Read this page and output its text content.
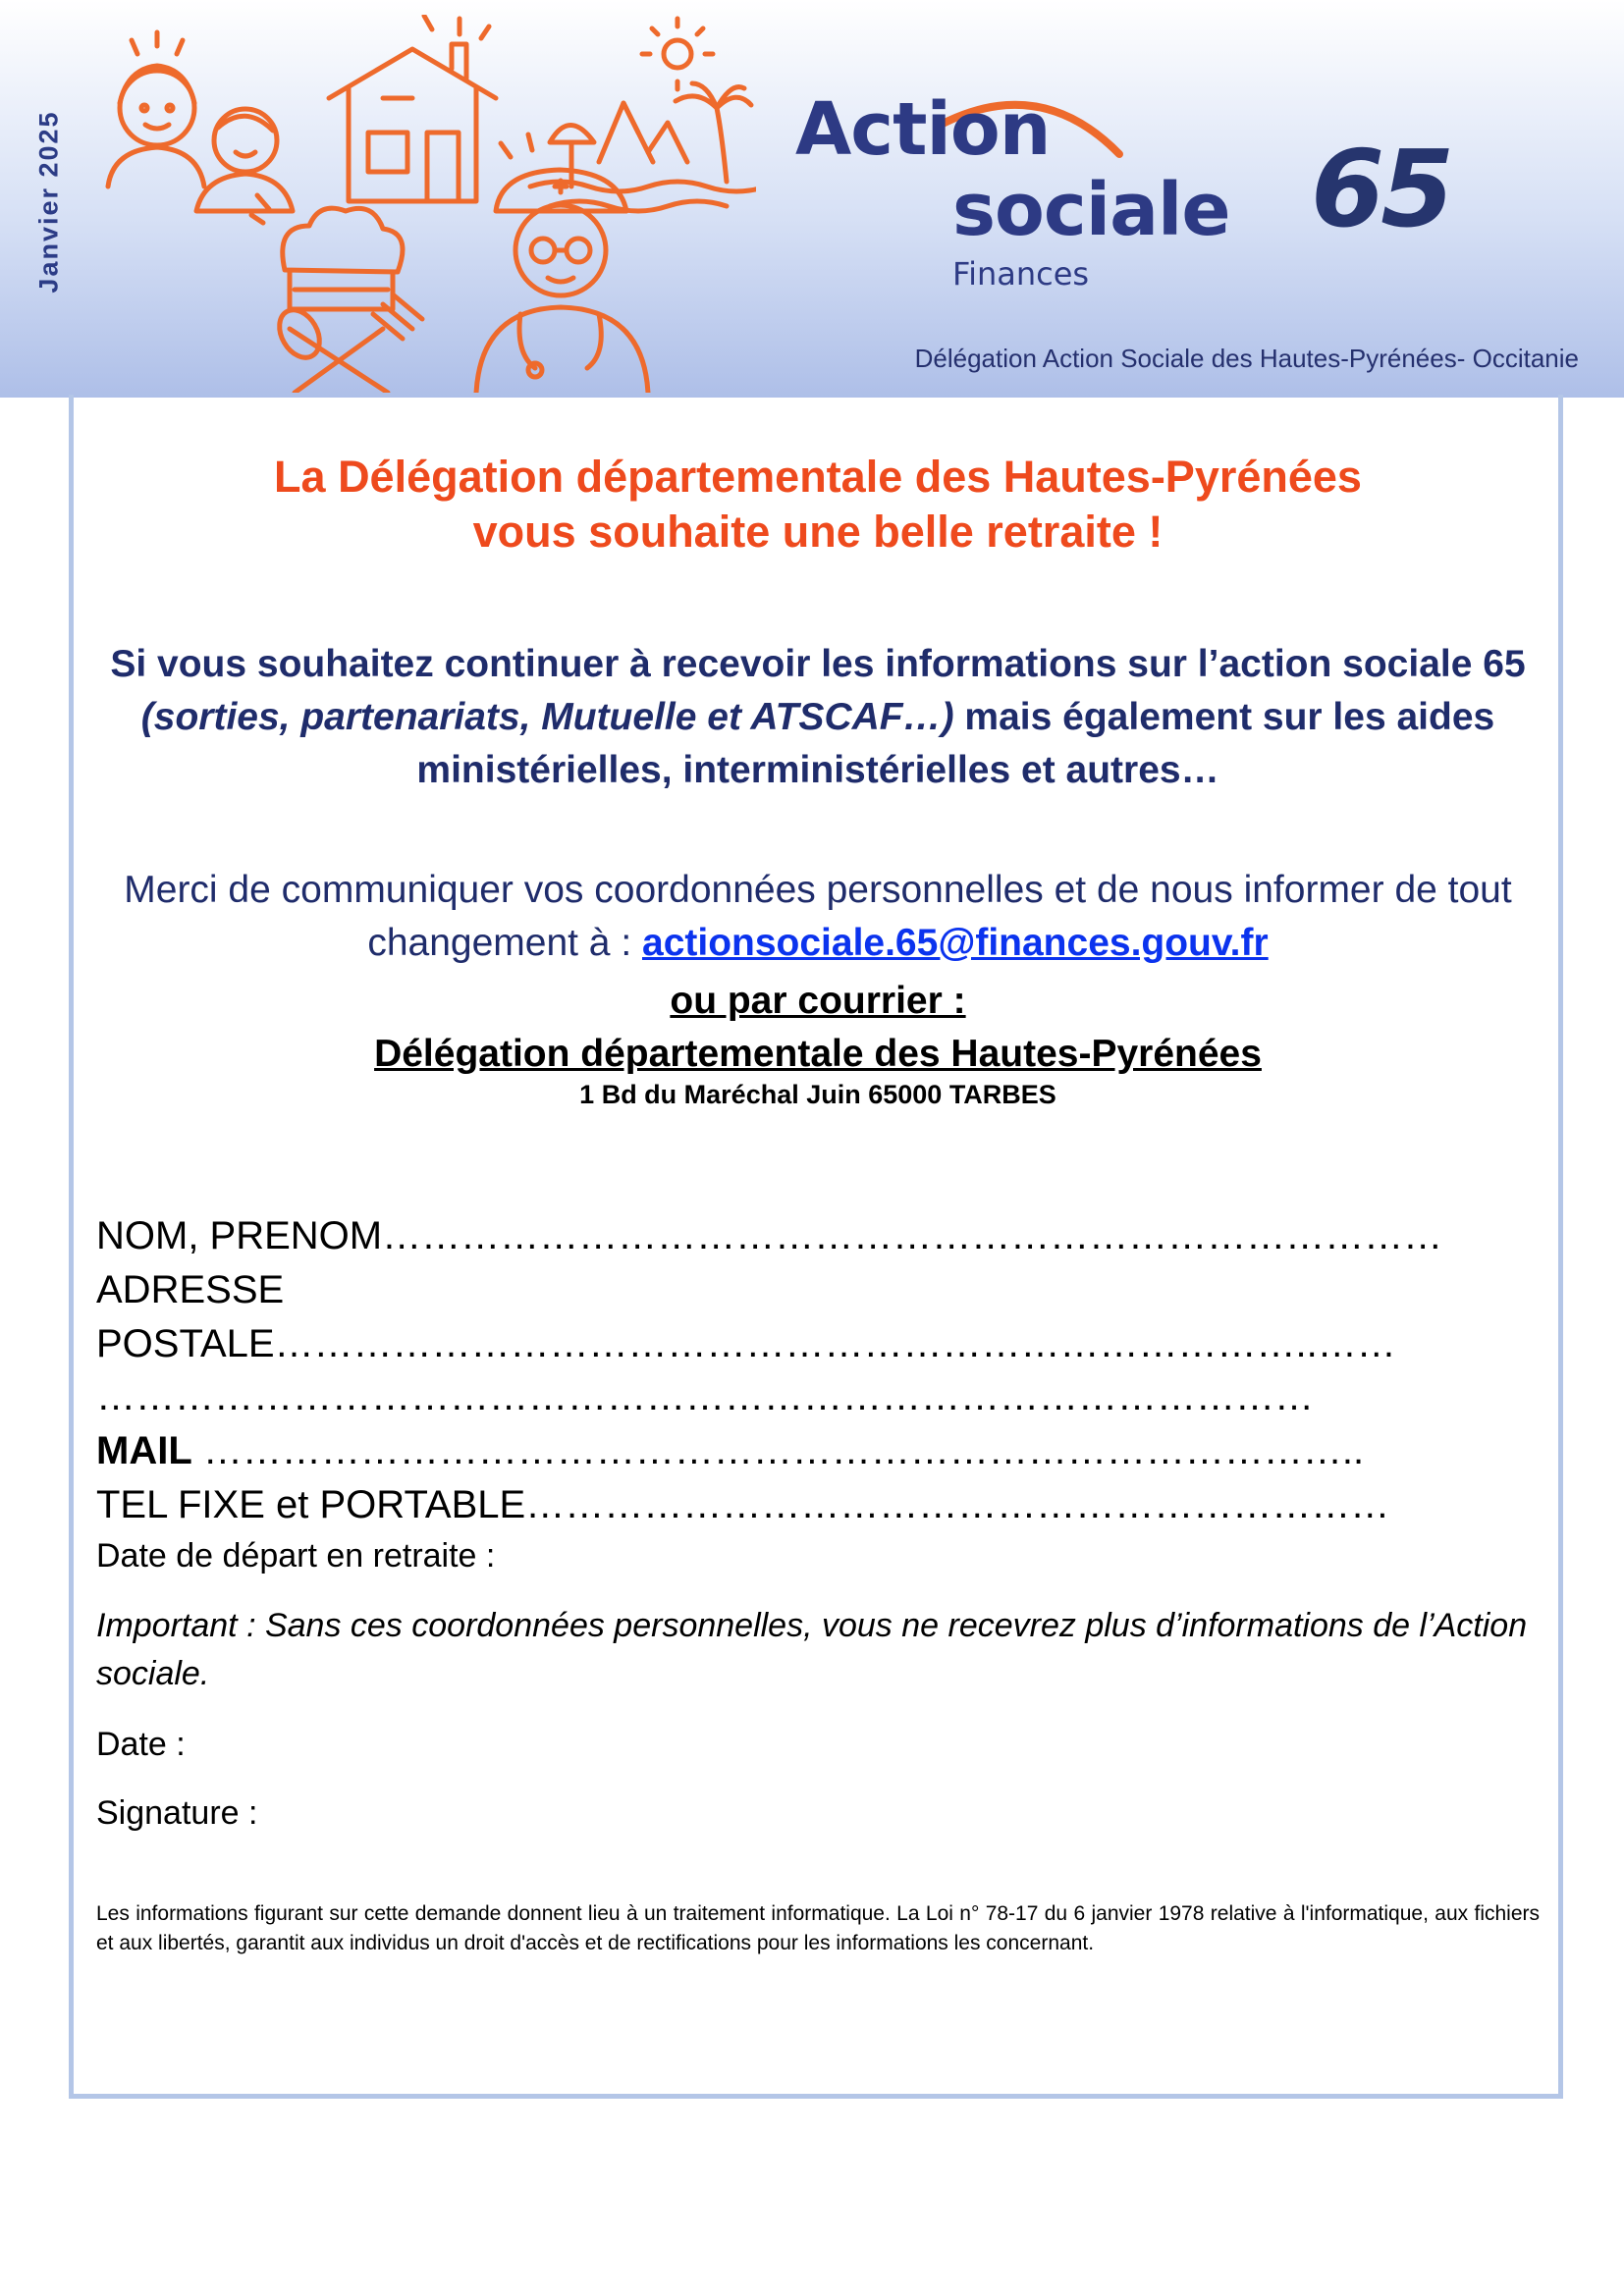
Janvier 2025	Action
sociale
Finances
65
Délégation Action Sociale des Hautes-Pyrénées- Occitanie
La Délégation départementale des Hautes-Pyrénées
vous souhaite une belle retraite !
Si vous souhaitez continuer à recevoir les informations sur l’action sociale 65 (sorties, partenariats, Mutuelle et ATSCAF…) mais également sur les aides ministérielles, interministérielles et autres…
Merci de communiquer vos coordonnées personnelles et de nous informer de tout changement à : actionsociale.65@finances.gouv.fr
ou par courrier :
Délégation départementale des Hautes-Pyrénées
1 Bd du Maréchal Juin 65000 TARBES
NOM, PRENOM………………………………………………………………………
ADRESSE
POSTALE……………………………………………………………………..……
…………………………………………………………………………………
MAIL ……………………………………………………………………………..
TEL FIXE et PORTABLE…………………………………………………………
Date de départ en retraite :
Important : Sans ces coordonnées personnelles, vous ne recevrez plus d’informations de l’Action sociale.
Date :
Signature :
Les informations figurant sur cette demande donnent lieu à un traitement informatique. La Loi n° 78-17 du 6 janvier 1978 relative à l'informatique, aux fichiers et aux libertés, garantit aux individus un droit d'accès et de rectifications pour les informations les concernant.
